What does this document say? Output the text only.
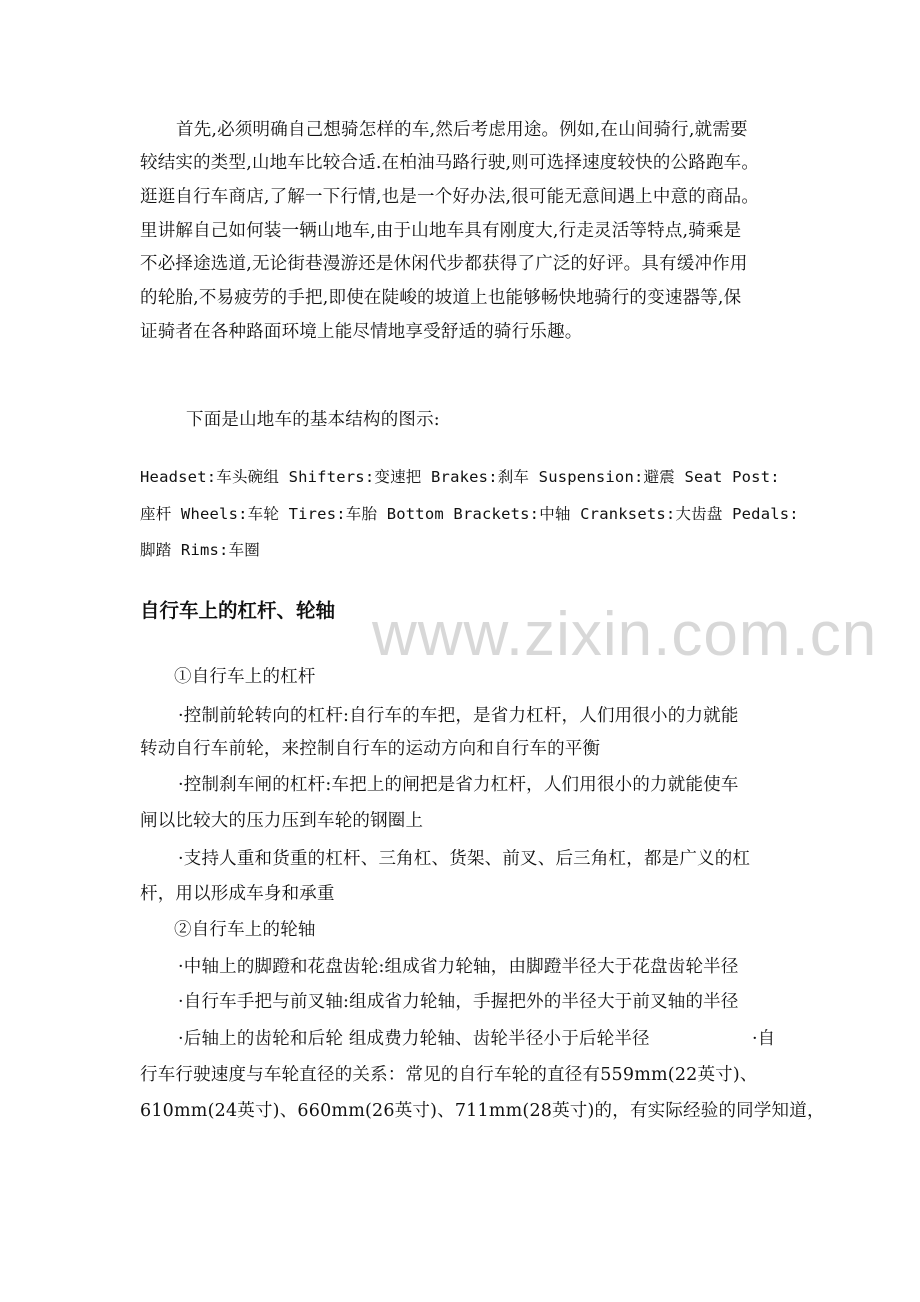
www.zixin.com.cn
首先,必须明确自己想骑怎样的车,然后考虑用途。例如,在山间骑行,就需要
较结实的类型,山地车比较合适.在柏油马路行驶,则可选择速度较快的公路跑车。
逛逛自行车商店,了解一下行情,也是一个好办法,很可能无意间遇上中意的商品。
里讲解自己如何装一辆山地车,由于山地车具有刚度大,行走灵活等特点,骑乘是
不必择途选道,无论街巷漫游还是休闲代步都获得了广泛的好评。具有缓冲作用
的轮胎,不易疲劳的手把,即使在陡峻的坡道上也能够畅快地骑行的变速器等,保
证骑者在各种路面环境上能尽情地享受舒适的骑行乐趣。
下面是山地车的基本结构的图示:
Headset:车头碗组 Shifters:变速把 Brakes:刹车 Suspension:避震 Seat Post:
座杆 Wheels:车轮 Tires:车胎 Bottom Brackets:中轴 Cranksets:大齿盘 Pedals:
脚踏 Rims:车圈
自行车上的杠杆、轮轴
①自行车上的杠杆
·控制前轮转向的杠杆:自行车的车把，是省力杠杆，人们用很小的力就能
转动自行车前轮，来控制自行车的运动方向和自行车的平衡
·控制刹车闸的杠杆:车把上的闸把是省力杠杆，人们用很小的力就能使车
闸以比较大的压力压到车轮的钢圈上
·支持人重和货重的杠杆、三角杠、货架、前叉、后三角杠，都是广义的杠
杆，用以形成车身和承重
②自行车上的轮轴
·中轴上的脚蹬和花盘齿轮:组成省力轮轴，由脚蹬半径大于花盘齿轮半径
·自行车手把与前叉轴:组成省力轮轴，手握把外的半径大于前叉轴的半径
·后轴上的齿轮和后轮 组成费力轮轴、齿轮半径小于后轮半径	·自
行车行驶速度与车轮直径的关系：常见的自行车轮的直径有559mm(22英寸)、
610mm(24英寸)、660mm(26英寸)、711mm(28英寸)的，有实际经验的同学知道，
